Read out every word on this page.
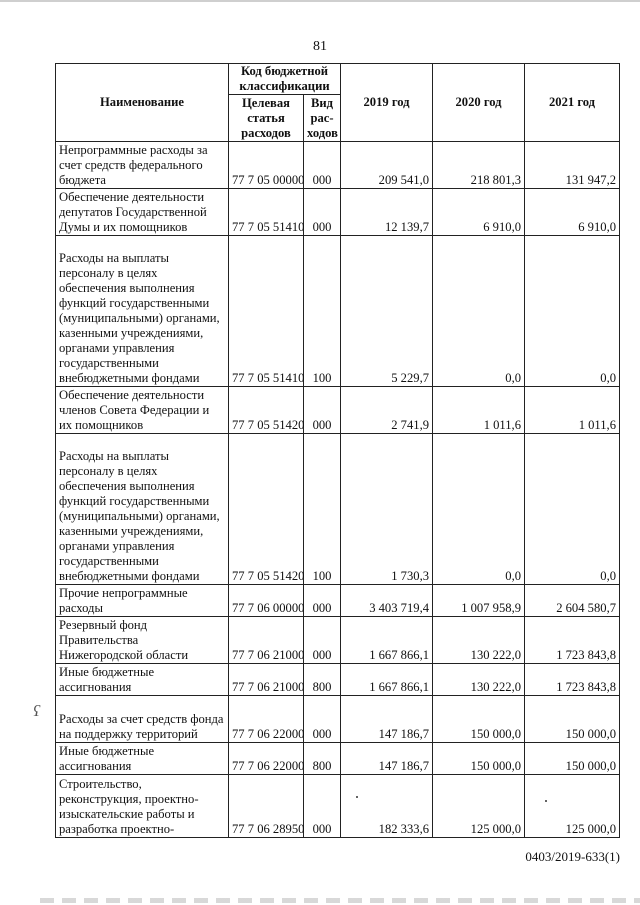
81
Наименование	Код бюджетной классификации		2019 год	2020 год	2021 год
	Целевая статья расходов	Вид рас-ходов			
Непрограммные расходы за счет средств федерального бюджета	77 7 05 00000	000	209 541,0	218 801,3	131 947,2
Обеспечение деятельности депутатов Государственной Думы и их помощников	77 7 05 51410	000	12 139,7	6 910,0	6 910,0
Расходы на выплаты персоналу в целях обеспечения выполнения функций государственными (муниципальными) органами, казенными учреждениями, органами управления государственными внебюджетными фондами	77 7 05 51410	100	5 229,7	0,0	0,0
Обеспечение деятельности членов Совета Федерации и их помощников	77 7 05 51420	000	2 741,9	1 011,6	1 011,6
Расходы на выплаты персоналу в целях обеспечения выполнения функций государственными (муниципальными) органами, казенными учреждениями, органами управления государственными внебюджетными фондами	77 7 05 51420	100	1 730,3	0,0	0,0
Прочие непрограммные расходы	77 7 06 00000	000	3 403 719,4	1 007 958,9	2 604 580,7
Резервный фонд Правительства Нижегородской области	77 7 06 21000	000	1 667 866,1	130 222,0	1 723 843,8
Иные бюджетные ассигнования	77 7 06 21000	800	1 667 866,1	130 222,0	1 723 843,8
Расходы за счет средств фонда на поддержку территорий	77 7 06 22000	000	147 186,7	150 000,0	150 000,0
Иные бюджетные ассигнования	77 7 06 22000	800	147 186,7	150 000,0	150 000,0
Строительство, реконструкция, проектно-изыскательские работы и разработка проектно-	77 7 06 28950	000	182 333,6	125 000,0	125 000,0
ʕ
0403/2019-633(1)
